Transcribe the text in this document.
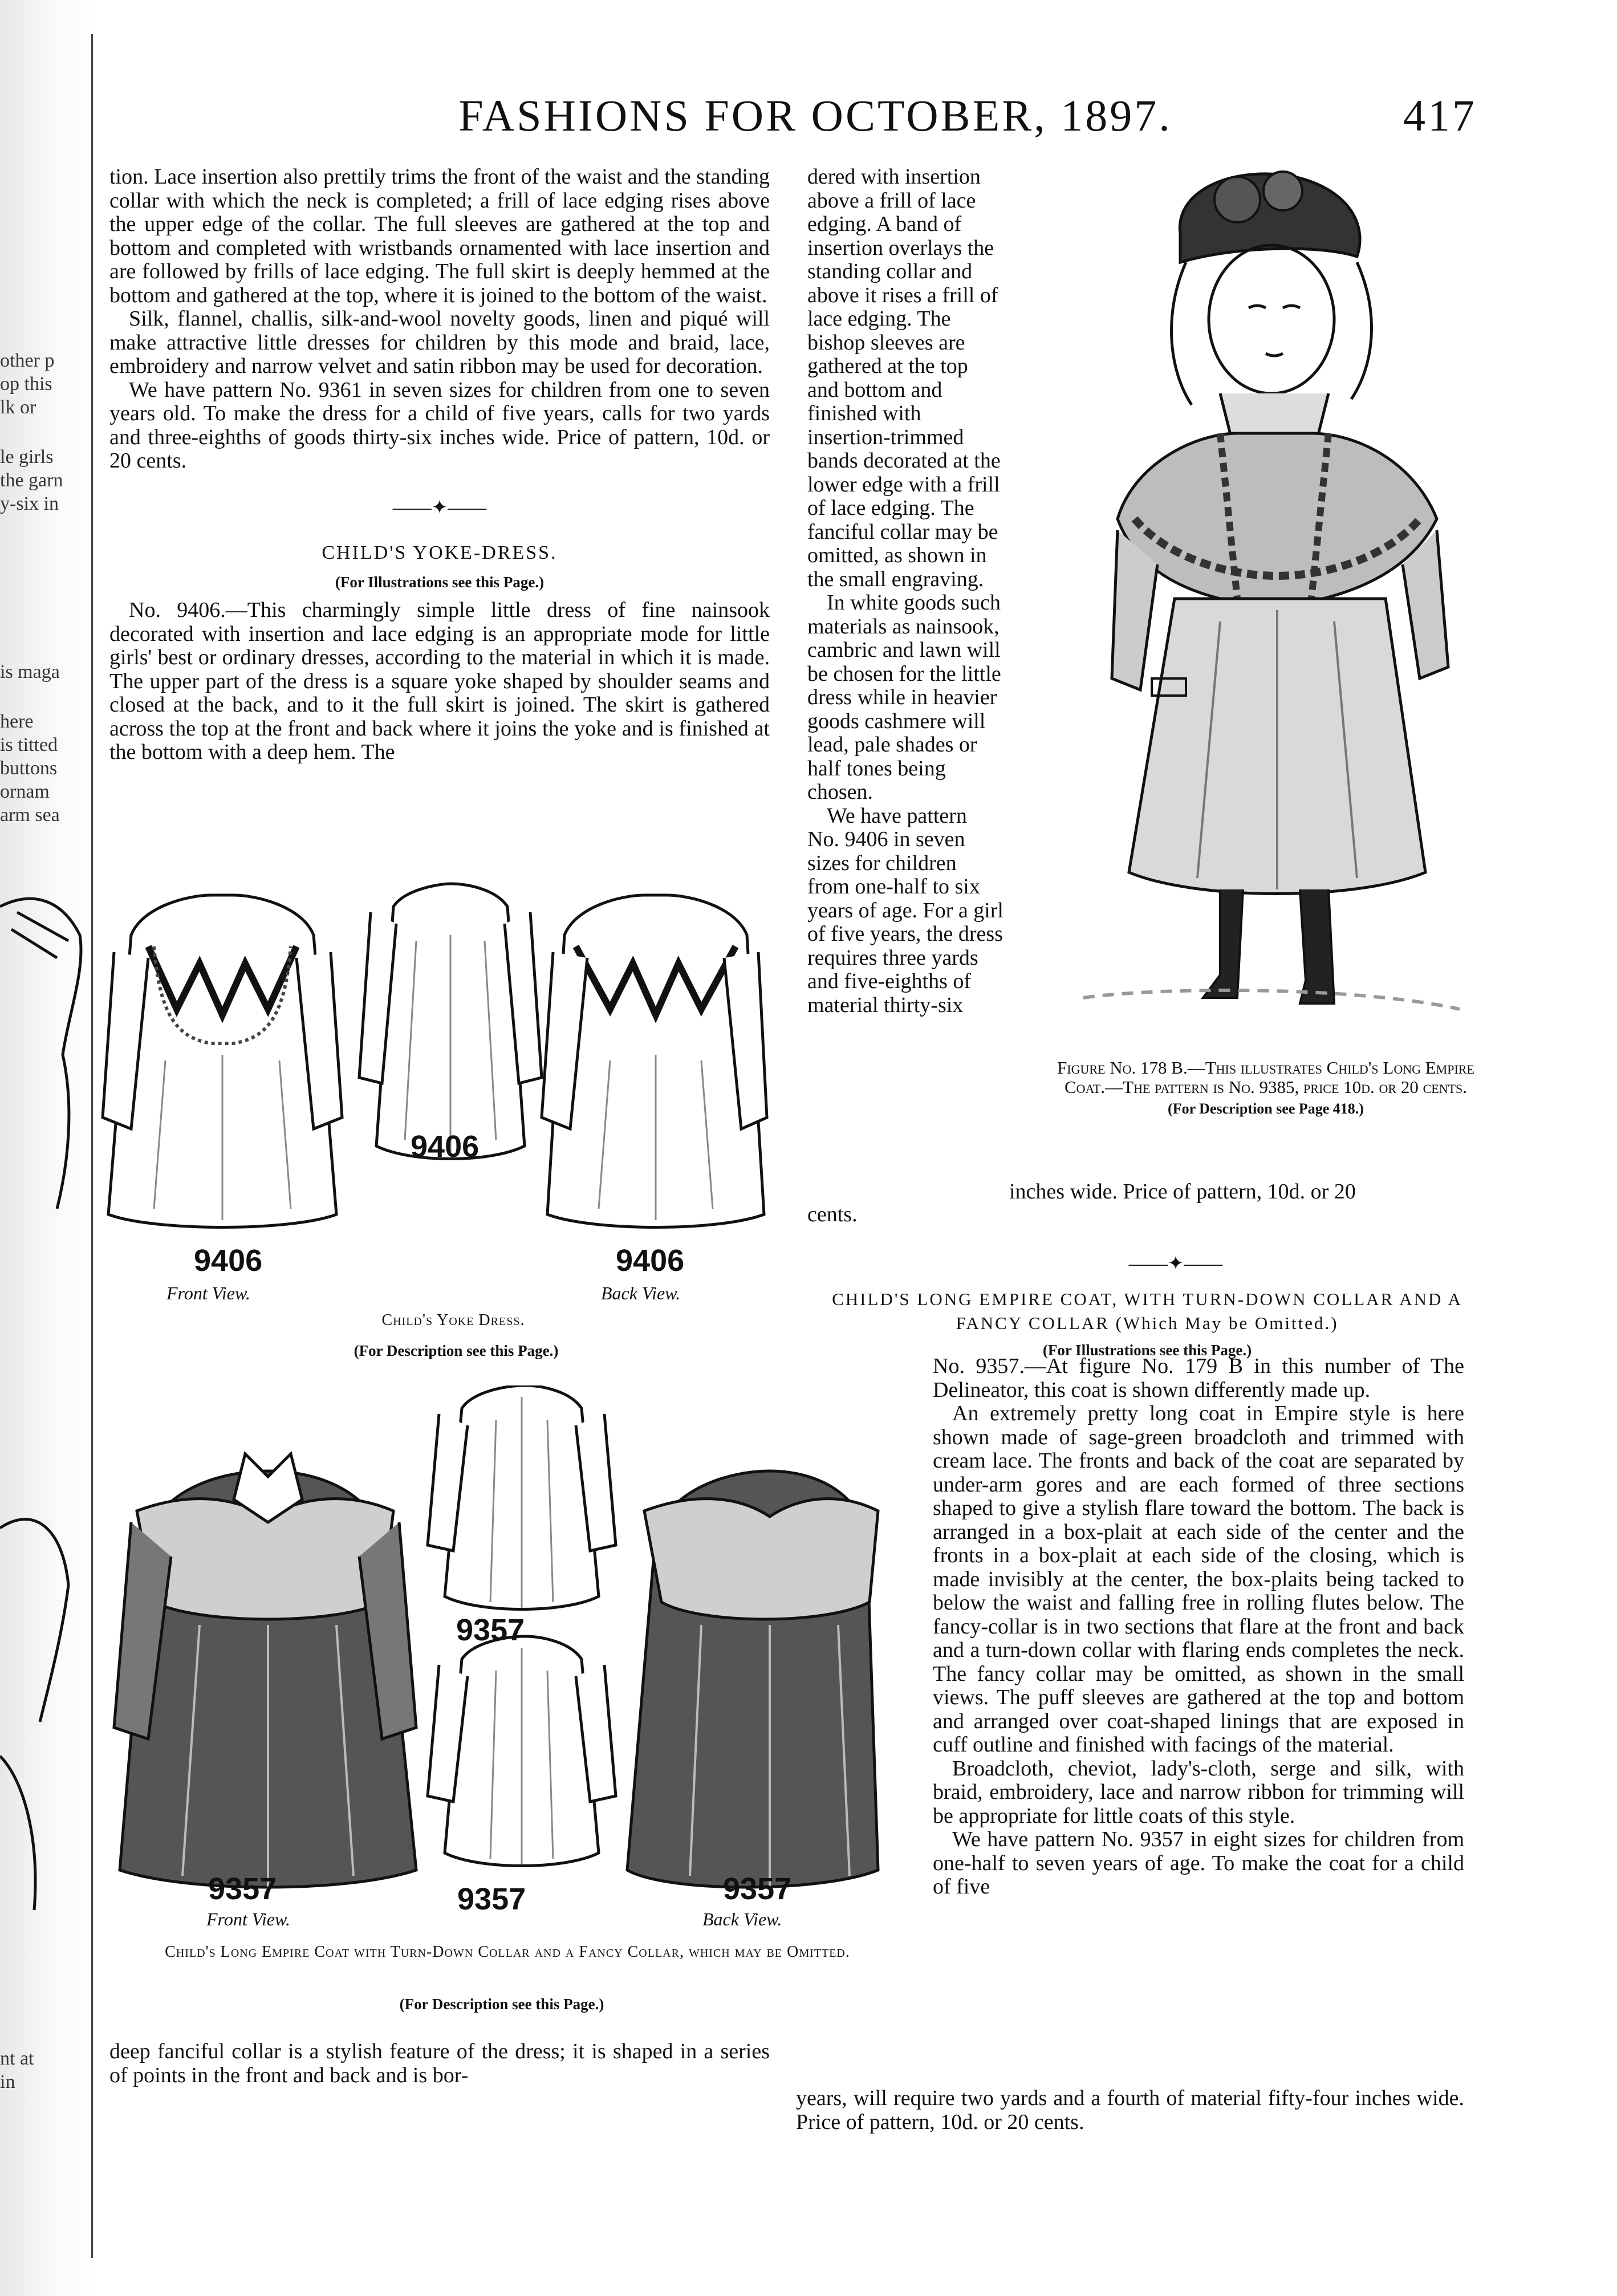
other p
op this
lk or
le girls
the garn
y-six in
is maga
here
is titted
buttons
ornam
arm sea
nt at
in
FASHIONS FOR OCTOBER, 1897.	417

tion. Lace insertion also prettily trims the front of the waist and the standing collar with which the neck is completed; a frill of lace edging rises above the upper edge of the collar. The full sleeves are gathered at the top and bottom and completed with wristbands ornamented with lace insertion and are followed by frills of lace edging. The full skirt is deeply hemmed at the bottom and gathered at the top, where it is joined to the bottom of the waist.

Silk, flannel, challis, silk-and-wool novelty goods, linen and piqué will make attractive little dresses for children by this mode and braid, lace, embroidery and narrow velvet and satin ribbon may be used for decoration.

We have pattern No. 9361 in seven sizes for children from one to seven years old. To make the dress for a child of five years, calls for two yards and three-eighths of goods thirty-six inches wide. Price of pattern, 10d. or 20 cents.

——✦——

CHILD'S YOKE-DRESS.

(For Illustrations see this Page.)

No. 9406.—This charmingly simple little dress of fine nainsook decorated with insertion and lace edging is an appropriate mode for little girls' best or ordinary dresses, according to the material in which it is made. The upper part of the dress is a square yoke shaped by shoulder seams and closed at the back, and to it the full skirt is joined. The skirt is gathered across the top at the front and back where it joins the yoke and is finished at the bottom with a deep hem. The

dered with insertion above a frill of lace edging. A band of insertion overlays the standing collar and above it rises a frill of lace edging. The bishop sleeves are gathered at the top and bottom and finished with insertion-trimmed bands decorated at the lower edge with a frill of lace edging. The fanciful collar may be omitted, as shown in the small engraving.

In white goods such materials as nainsook, cambric and lawn will be chosen for the little dress while in heavier goods cashmere will lead, pale shades or half tones being chosen.

We have pattern No. 9406 in seven sizes for children from one-half to six years of age. For a girl of five years, the dress requires three yards and five-eighths of material thirty-six

inches wide. Price of pattern, 10d. or 20
cents.
Figure No. 178 B.—This illustrates Child's Long Empire Coat.—The pattern is No. 9385, price 10d. or 20 cents.
(For Description see Page 418.)
9406
9406	9406
Front View.	Back View.
Child's Yoke Dress.
(For Description see this Page.)
9357
9357	9357	9357
Front View.	Back View.
Child's Long Empire Coat with Turn-Down Collar and a Fancy Collar, which may be Omitted.
(For Description see this Page.)
——✦——

CHILD'S LONG EMPIRE COAT, WITH TURN-DOWN COLLAR AND A FANCY COLLAR (Which May be Omitted.)

(For Illustrations see this Page.)

No. 9357.—At figure No. 179 B in this number of The Delineator, this coat is shown differently made up.

An extremely pretty long coat in Empire style is here shown made of sage-green broadcloth and trimmed with cream lace. The fronts and back of the coat are separated by under-arm gores and are each formed of three sections shaped to give a stylish flare toward the bottom. The back is arranged in a box-plait at each side of the center and the fronts in a box-plait at each side of the closing, which is made invisibly at the center, the box-plaits being tacked to below the waist and falling free in rolling flutes below. The fancy-collar is in two sections that flare at the front and back and a turn-down collar with flaring ends completes the neck. The fancy collar may be omitted, as shown in the small views. The puff sleeves are gathered at the top and bottom and arranged over coat-shaped linings that are exposed in cuff outline and finished with facings of the material.

Broadcloth, cheviot, lady's-cloth, serge and silk, with braid, embroidery, lace and narrow ribbon for trimming will be appropriate for little coats of this style.

We have pattern No. 9357 in eight sizes for children from one-half to seven years of age. To make the coat for a child of five

years, will require two yards and a fourth of material fifty-four inches wide. Price of pattern, 10d. or 20 cents.

deep fanciful collar is a stylish feature of the dress; it is shaped in a series of points in the front and back and is bor-
